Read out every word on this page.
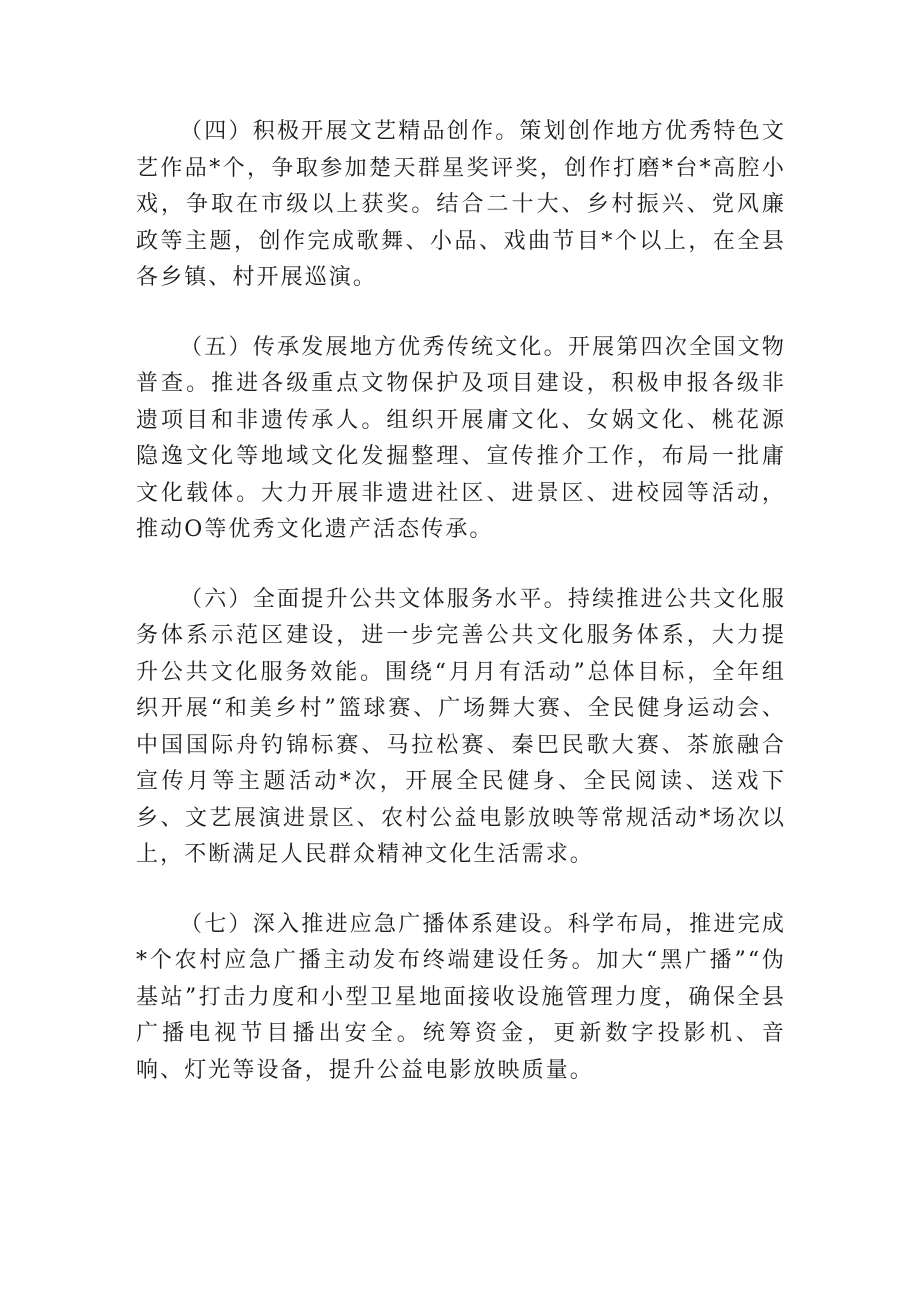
（四）积极开展文艺精品创作。策划创作地方优秀特色文艺作品*个，争取参加楚天群星奖评奖，创作打磨*台*高腔小戏，争取在市级以上获奖。结合二十大、乡村振兴、党风廉政等主题，创作完成歌舞、小品、戏曲节目*个以上，在全县各乡镇、村开展巡演。

（五）传承发展地方优秀传统文化。开展第四次全国文物普查。推进各级重点文物保护及项目建设，积极申报各级非遗项目和非遗传承人。组织开展庸文化、女娲文化、桃花源隐逸文化等地域文化发掘整理、宣传推介工作，布局一批庸文化载体。大力开展非遗进社区、进景区、进校园等活动，推动O等优秀文化遗产活态传承。

（六）全面提升公共文体服务水平。持续推进公共文化服务体系示范区建设，进一步完善公共文化服务体系，大力提升公共文化服务效能。围绕“月月有活动”总体目标，全年组织开展“和美乡村”篮球赛、广场舞大赛、全民健身运动会、中国国际舟钓锦标赛、马拉松赛、秦巴民歌大赛、茶旅融合宣传月等主题活动*次，开展全民健身、全民阅读、送戏下乡、文艺展演进景区、农村公益电影放映等常规活动*场次以上，不断满足人民群众精神文化生活需求。

（七）深入推进应急广播体系建设。科学布局，推进完成*个农村应急广播主动发布终端建设任务。加大“黑广播”“伪基站”打击力度和小型卫星地面接收设施管理力度，确保全县广播电视节目播出安全。统筹资金，更新数字投影机、音响、灯光等设备，提升公益电影放映质量。
